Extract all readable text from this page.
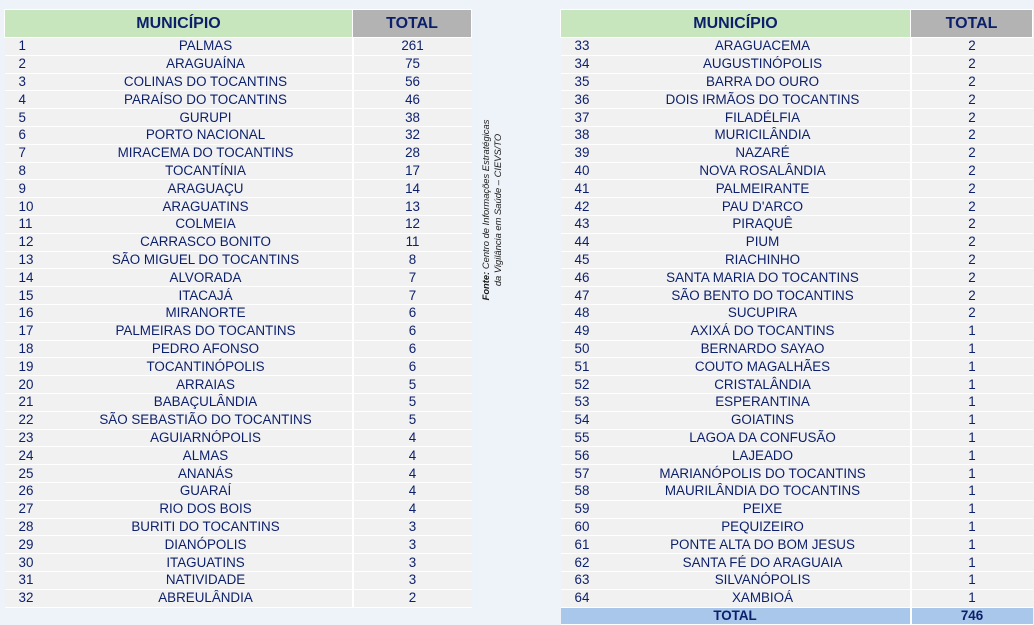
MUNICÍPIO		TOTAL
1	PALMAS	261
2	ARAGUAÍNA	75
3	COLINAS DO TOCANTINS	56
4	PARAÍSO DO TOCANTINS	46
5	GURUPI	38
6	PORTO NACIONAL	32
7	MIRACEMA DO TOCANTINS	28
8	TOCANTÍNIA	17
9	ARAGUAÇU	14
10	ARAGUATINS	13
11	COLMEIA	12
12	CARRASCO BONITO	11
13	SÃO MIGUEL DO TOCANTINS	8
14	ALVORADA	7
15	ITACAJÁ	7
16	MIRANORTE	6
17	PALMEIRAS DO TOCANTINS	6
18	PEDRO AFONSO	6
19	TOCANTINÓPOLIS	6
20	ARRAIAS	5
21	BABAÇULÂNDIA	5
22	SÃO SEBASTIÃO DO TOCANTINS	5
23	AGUIARNÓPOLIS	4
24	ALMAS	4
25	ANANÁS	4
26	GUARAÍ	4
27	RIO DOS BOIS	4
28	BURITI DO TOCANTINS	3
29	DIANÓPOLIS	3
30	ITAGUATINS	3
31	NATIVIDADE	3
32	ABREULÂNDIA	2
Fonte: Centro de Informações Estratégicas
da Vigilância em Saúde – CIEVS/TO
MUNICÍPIO		TOTAL
33	ARAGUACEMA	2
34	AUGUSTINÓPOLIS	2
35	BARRA DO OURO	2
36	DOIS IRMÃOS DO TOCANTINS	2
37	FILADÉLFIA	2
38	MURICILÂNDIA	2
39	NAZARÉ	2
40	NOVA ROSALÂNDIA	2
41	PALMEIRANTE	2
42	PAU D'ARCO	2
43	PIRAQUÊ	2
44	PIUM	2
45	RIACHINHO	2
46	SANTA MARIA DO TOCANTINS	2
47	SÃO BENTO DO TOCANTINS	2
48	SUCUPIRA	2
49	AXIXÁ DO TOCANTINS	1
50	BERNARDO SAYAO	1
51	COUTO MAGALHÃES	1
52	CRISTALÂNDIA	1
53	ESPERANTINA	1
54	GOIATINS	1
55	LAGOA DA CONFUSÃO	1
56	LAJEADO	1
57	MARIANÓPOLIS DO TOCANTINS	1
58	MAURILÂNDIA DO TOCANTINS	1
59	PEIXE	1
60	PEQUIZEIRO	1
61	PONTE ALTA DO BOM JESUS	1
62	SANTA FÉ DO ARAGUAIA	1
63	SILVANÓPOLIS	1
64	XAMBIOÁ	1
TOTAL		746
